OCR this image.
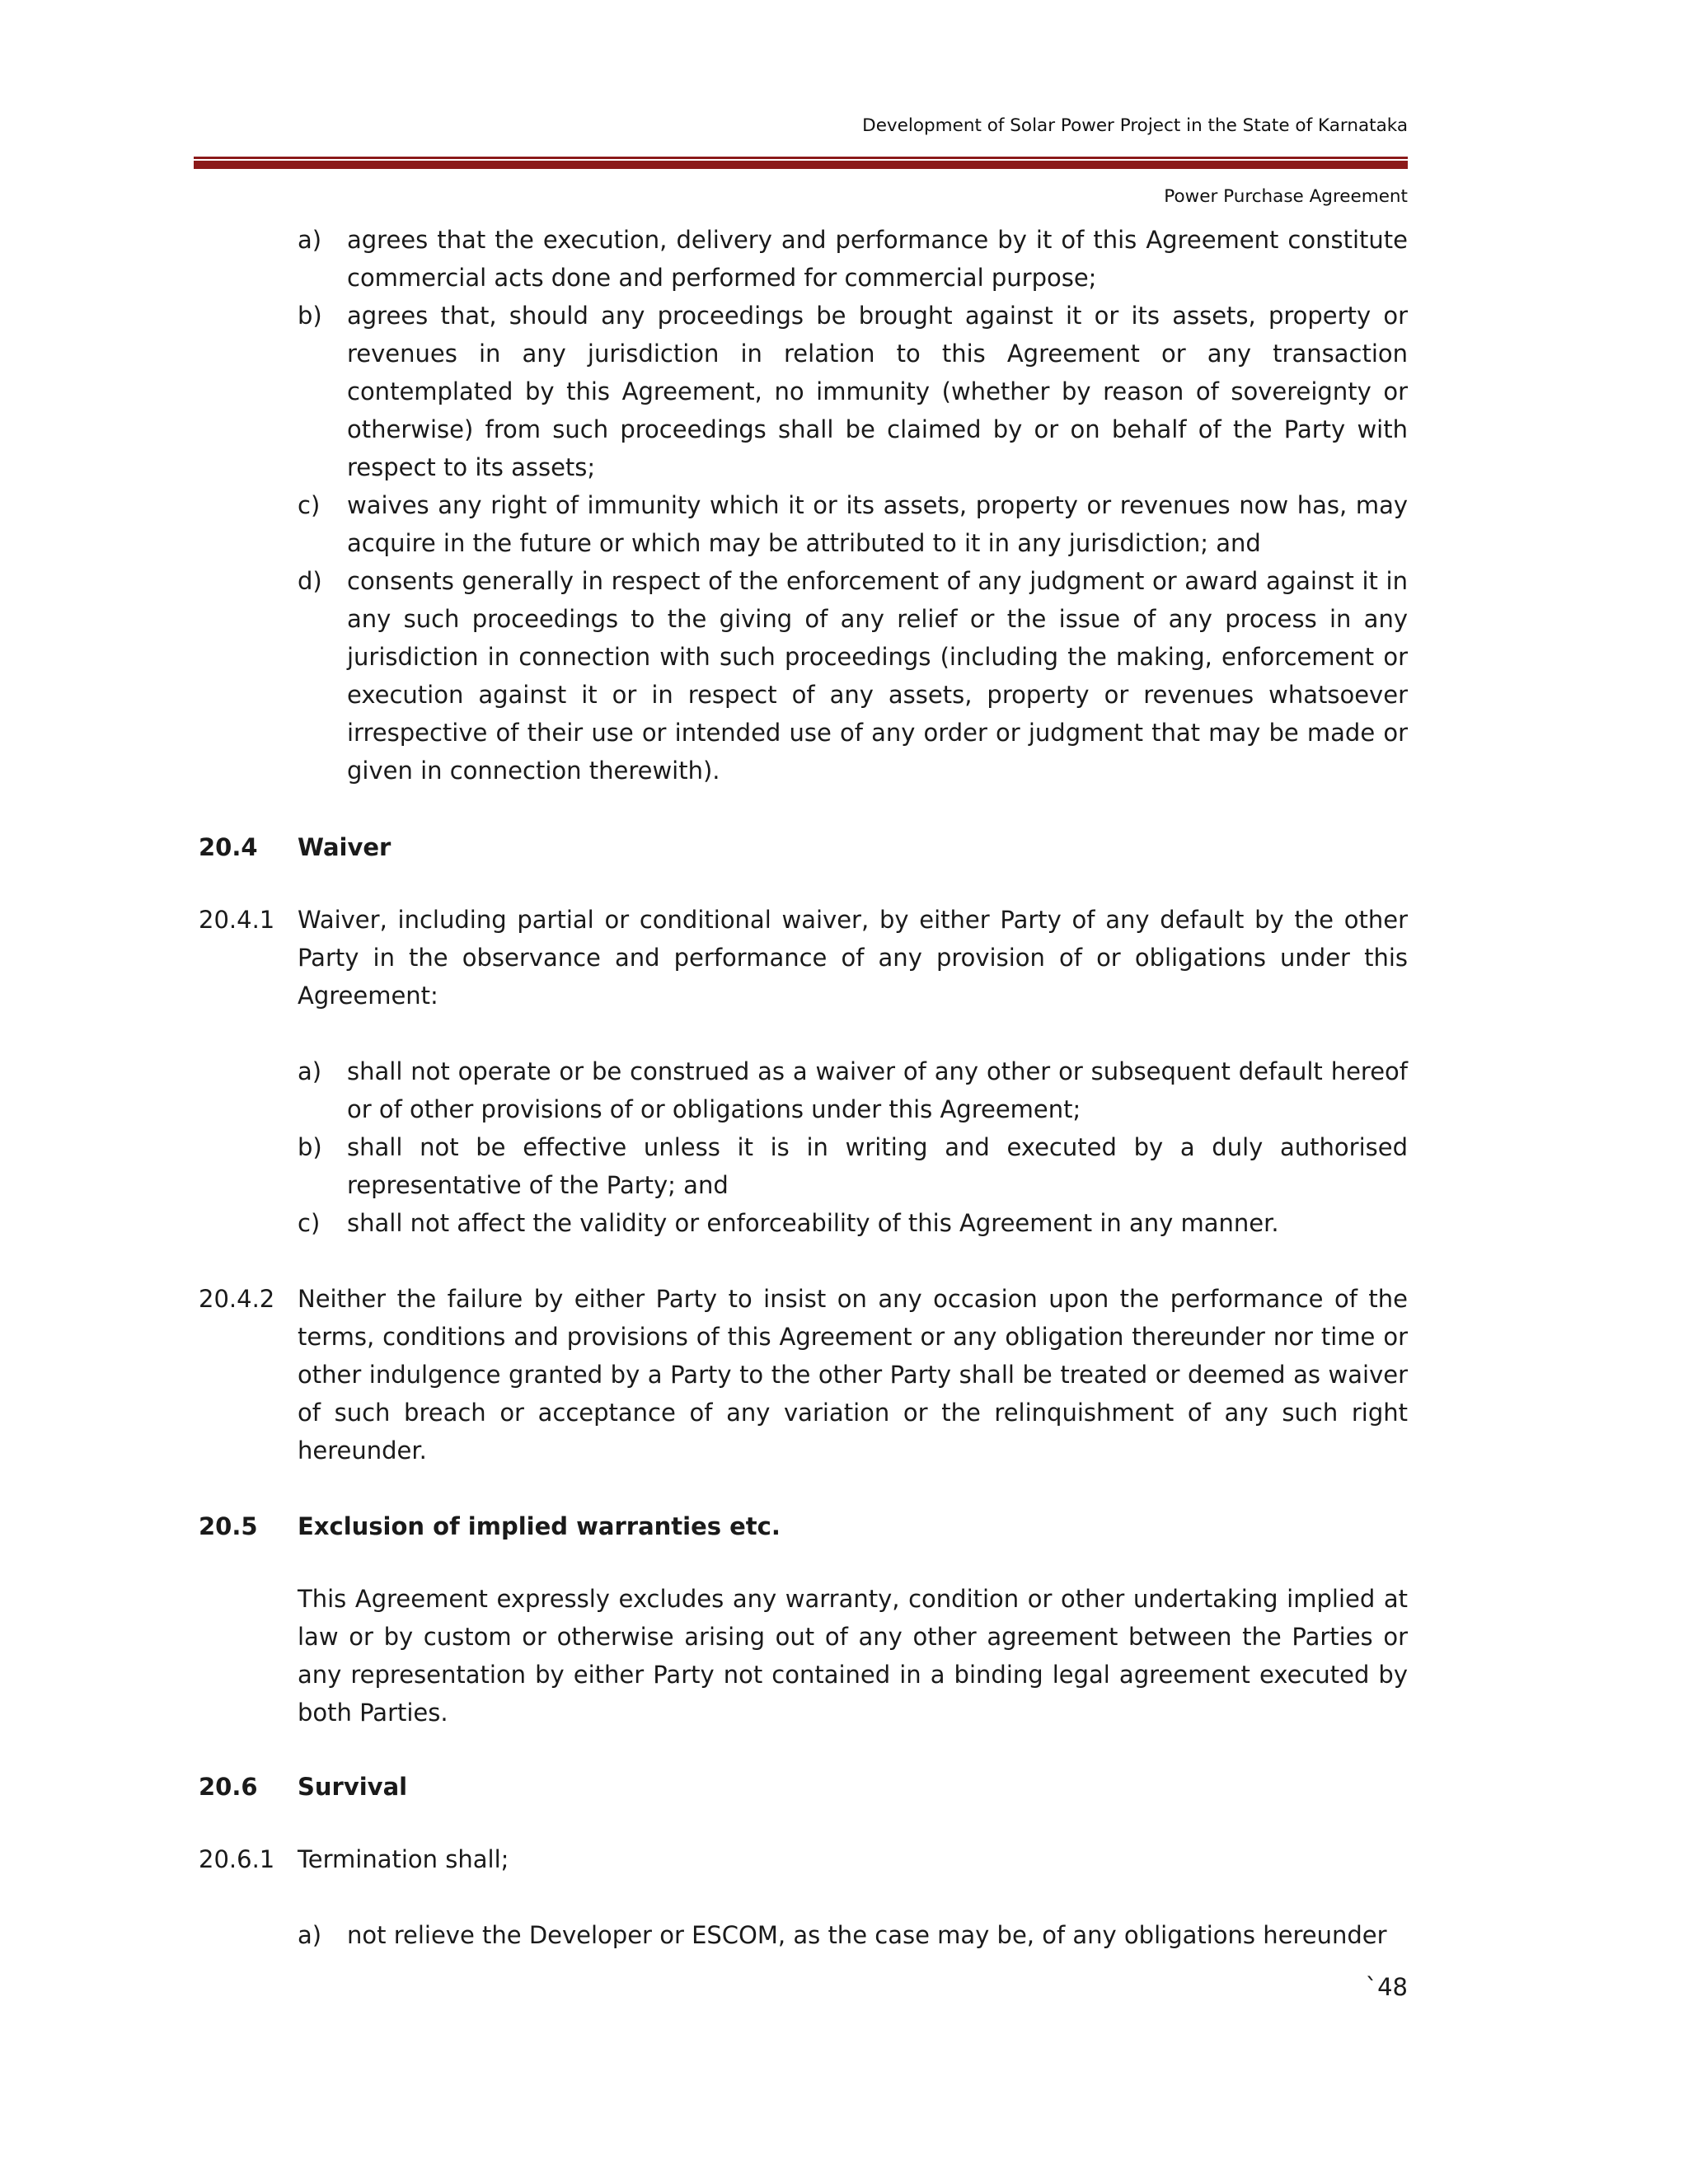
Development of Solar Power Project in the State of Karnataka
Power Purchase Agreement
a) agrees that the execution, delivery and performance by it of this Agreement constitute commercial acts done and performed for commercial purpose;
b) agrees that, should any proceedings be brought against it or its assets, property or revenues in any jurisdiction in relation to this Agreement or any transaction contemplated by this Agreement, no immunity (whether by reason of sovereignty or otherwise) from such proceedings shall be claimed by or on behalf of the Party with respect to its assets;
c) waives any right of immunity which it or its assets, property or revenues now has, may acquire in the future or which may be attributed to it in any jurisdiction; and
d) consents generally in respect of the enforcement of any judgment or award against it in any such proceedings to the giving of any relief or the issue of any process in any jurisdiction in connection with such proceedings (including the making, enforcement or execution against it or in respect of any assets, property or revenues whatsoever irrespective of their use or intended use of any order or judgment that may be made or given in connection therewith).
20.4 Waiver
20.4.1 Waiver, including partial or conditional waiver, by either Party of any default by the other Party in the observance and performance of any provision of or obligations under this Agreement:
a) shall not operate or be construed as a waiver of any other or subsequent default hereof or of other provisions of or obligations under this Agreement;
b) shall not be effective unless it is in writing and executed by a duly authorised representative of the Party; and
c) shall not affect the validity or enforceability of this Agreement in any manner.
20.4.2 Neither the failure by either Party to insist on any occasion upon the performance of the terms, conditions and provisions of this Agreement or any obligation thereunder nor time or other indulgence granted by a Party to the other Party shall be treated or deemed as waiver of such breach or acceptance of any variation or the relinquishment of any such right hereunder.
20.5 Exclusion of implied warranties etc.
This Agreement expressly excludes any warranty, condition or other undertaking implied at law or by custom or otherwise arising out of any other agreement between the Parties or any representation by either Party not contained in a binding legal agreement executed by both Parties.
20.6 Survival
20.6.1 Termination shall;
a) not relieve the Developer or ESCOM, as the case may be, of any obligations hereunder
`48
